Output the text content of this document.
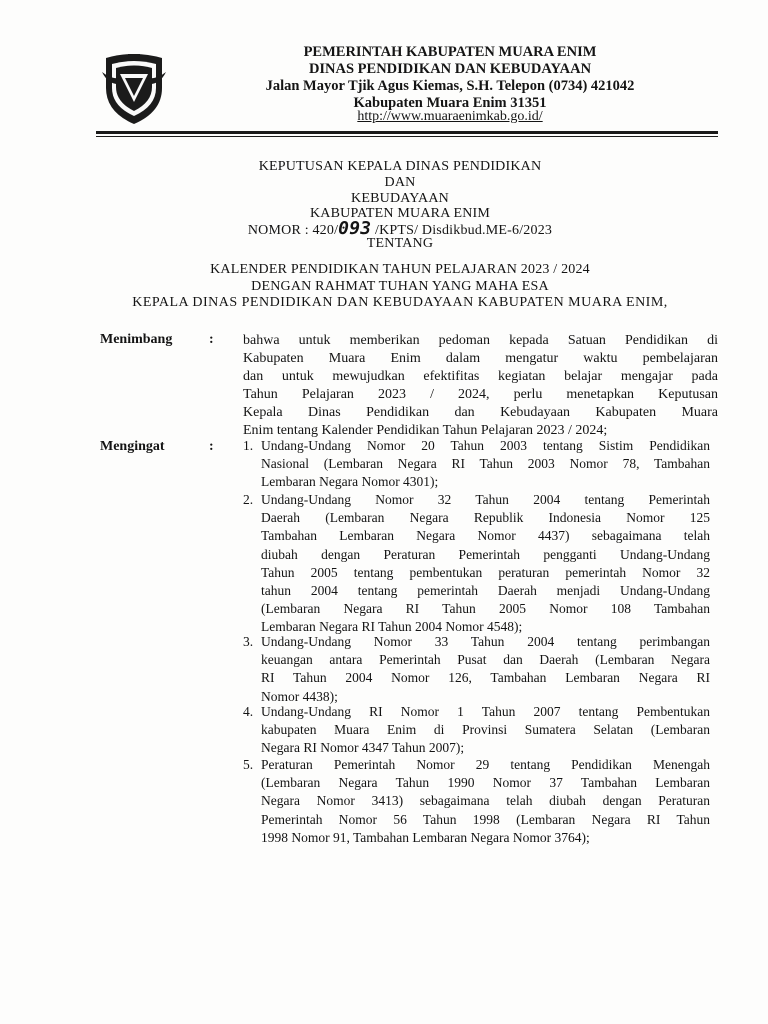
PEMERINTAH KABUPATEN MUARA ENIM
DINAS PENDIDIKAN DAN KEBUDAYAAN
Jalan Mayor Tjik Agus Kiemas, S.H. Telepon (0734) 421042
Kabupaten Muara Enim 31351
http://www.muaraenimkab.go.id/
KEPUTUSAN KEPALA DINAS PENDIDIKAN
DAN
KEBUDAYAAN
KABUPATEN MUARA ENIM
NOMOR : 420/093 /KPTS/ Disdikbud.ME-6/2023
TENTANG
KALENDER PENDIDIKAN TAHUN PELAJARAN 2023 / 2024
DENGAN RAHMAT TUHAN YANG MAHA ESA
KEPALA DINAS PENDIDIKAN DAN KEBUDAYAAN KABUPATEN MUARA ENIM,
Menimbang	: bahwa untuk memberikan pedoman kepada Satuan Pendidikan di
Kabupaten Muara Enim dalam mengatur waktu pembelajaran
dan untuk mewujudkan efektifitas kegiatan belajar mengajar pada
Tahun Pelajaran 2023 / 2024, perlu menetapkan Keputusan
Kepala Dinas Pendidikan dan Kebudayaan Kabupaten Muara
Enim tentang Kalender Pendidikan Tahun Pelajaran 2023 / 2024;
Mengingat	: 1. Undang-Undang Nomor 20 Tahun 2003 tentang Sistim Pendidikan
Nasional (Lembaran Negara RI Tahun 2003 Nomor 78, Tambahan
Lembaran Negara Nomor 4301);
2. Undang-Undang Nomor 32 Tahun 2004 tentang Pemerintah
Daerah (Lembaran Negara Republik Indonesia Nomor 125
Tambahan Lembaran Negara Nomor 4437) sebagaimana telah
diubah dengan Peraturan Pemerintah pengganti Undang-Undang
Tahun 2005 tentang pembentukan peraturan pemerintah Nomor 32
tahun 2004 tentang pemerintah Daerah menjadi Undang-Undang
(Lembaran Negara RI Tahun 2005 Nomor 108 Tambahan
Lembaran Negara RI Tahun 2004 Nomor 4548);
3. Undang-Undang Nomor 33 Tahun 2004 tentang perimbangan
keuangan antara Pemerintah Pusat dan Daerah (Lembaran Negara
RI Tahun 2004 Nomor 126, Tambahan Lembaran Negara RI
Nomor 4438);
4. Undang-Undang RI Nomor 1 Tahun 2007 tentang Pembentukan
kabupaten Muara Enim di Provinsi Sumatera Selatan (Lembaran
Negara RI Nomor 4347 Tahun 2007);
5. Peraturan Pemerintah Nomor 29 tentang Pendidikan Menengah
(Lembaran Negara Tahun 1990 Nomor 37 Tambahan Lembaran
Negara Nomor 3413) sebagaimana telah diubah dengan Peraturan
Pemerintah Nomor 56 Tahun 1998 (Lembaran Negara RI Tahun
1998 Nomor 91, Tambahan Lembaran Negara Nomor 3764);
